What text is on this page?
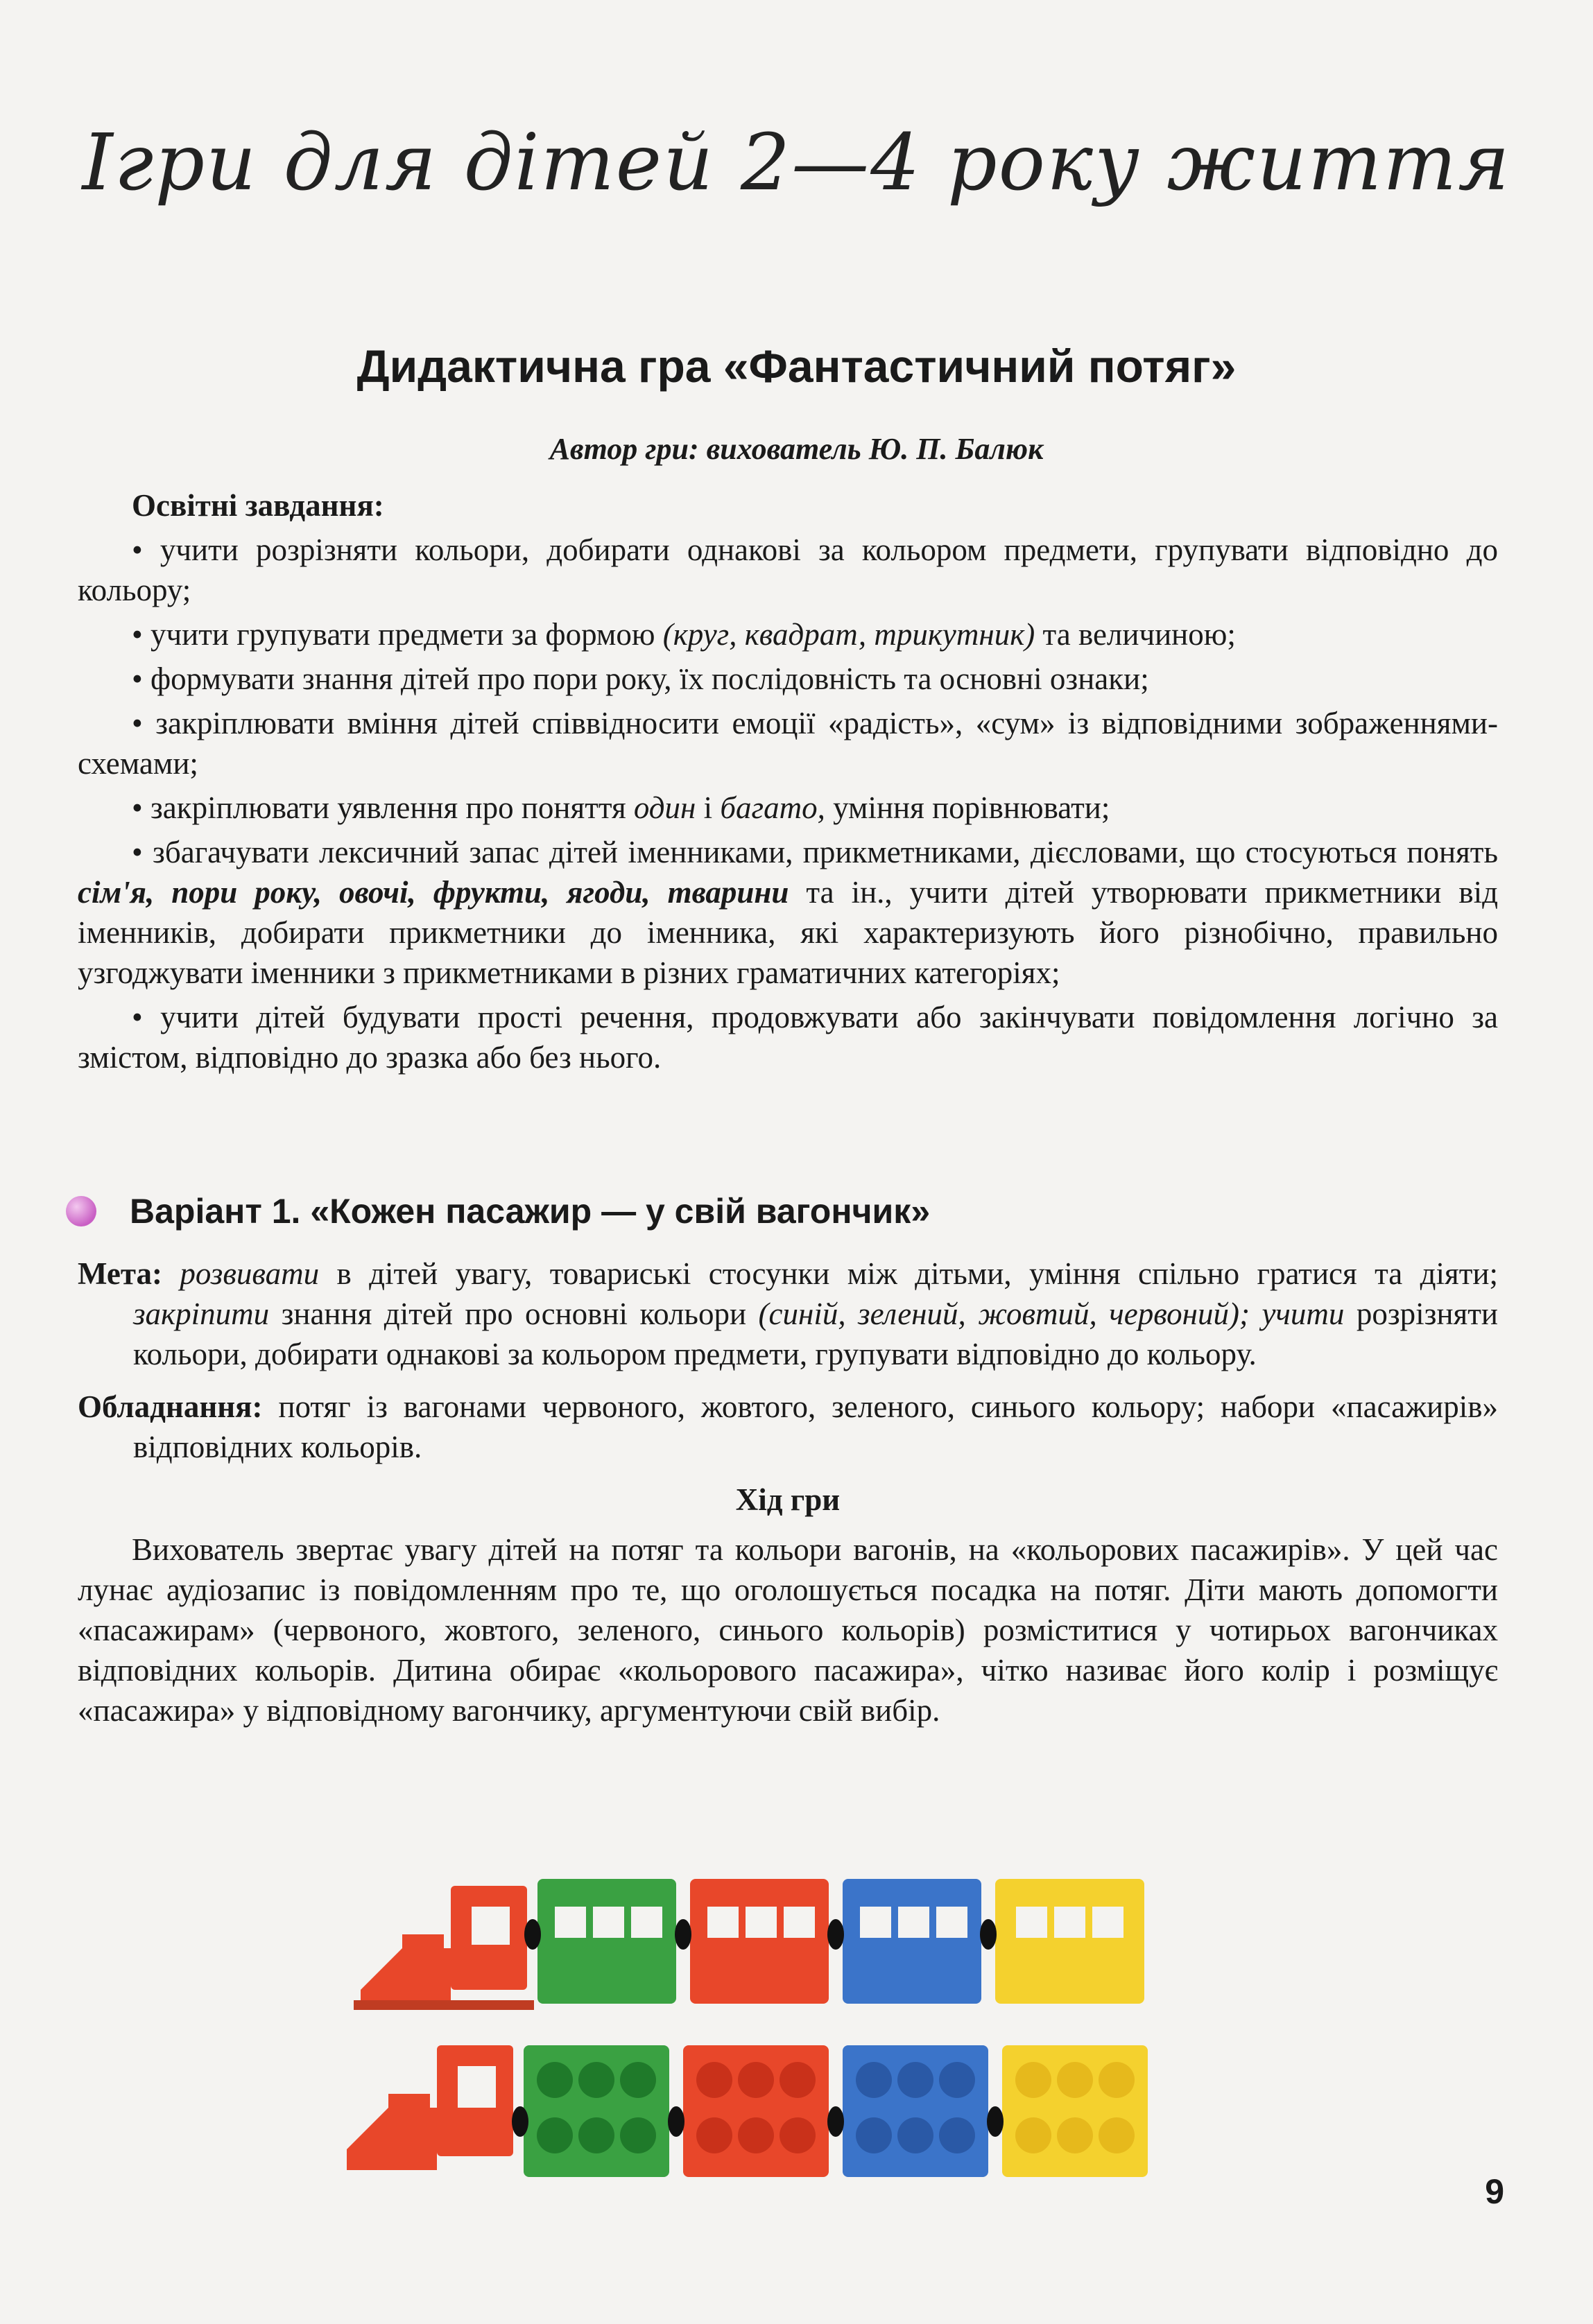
Ігри для дітей 2—4 року життя
Дидактична гра «Фантастичний потяг»
Автор гри: вихователь Ю. П. Балюк
Освітні завдання:

• учити розрізняти кольори, добирати однакові за кольором предмети, групувати відповідно до кольору;

• учити групувати предмети за формою (круг, квадрат, трикутник) та величиною;

• формувати знання дітей про пори року, їх послідовність та основні ознаки;

• закріплювати вміння дітей співвідносити емоції «радість», «сум» із відповідними зображеннями-схемами;

• закріплювати уявлення про поняття один і багато, уміння порівнювати;

• збагачувати лексичний запас дітей іменниками, прикметниками, дієсловами, що стосуються понять сім'я, пори року, овочі, фрукти, ягоди, тварини та ін., учити дітей утворювати прикметники від іменників, добирати прикметники до іменника, які характеризують його різнобічно, правильно узгоджувати іменники з прикметниками в різних граматичних категоріях;

• учити дітей будувати прості речення, продовжувати або закінчувати повідомлення логічно за змістом, відповідно до зразка або без нього.

Варіант 1. «Кожен пасажир — у свій вагончик»

Мета: розвивати в дітей увагу, товариські стосунки між дітьми, уміння спільно гратися та діяти; закріпити знання дітей про основні кольори (синій, зелений, жовтий, червоний); учити розрізняти кольори, добирати однакові за кольором предмети, групувати відповідно до кольору.

Обладнання: потяг із вагонами червоного, жовтого, зеленого, синього кольору; набори «пасажирів» відповідних кольорів.

Хід гри

Вихователь звертає увагу дітей на потяг та кольори вагонів, на «кольорових пасажирів». У цей час лунає аудіозапис із повідомленням про те, що оголошується посадка на потяг. Діти мають допомогти «пасажирам» (червоного, жовтого, зеленого, синього кольорів) розміститися у чотирьох вагончиках відповідних кольорів. Дитина обирає «кольорового пасажира», чітко називає його колір і розміщує «пасажира» у відповідному вагончику, аргументуючи свій вибір.

9
